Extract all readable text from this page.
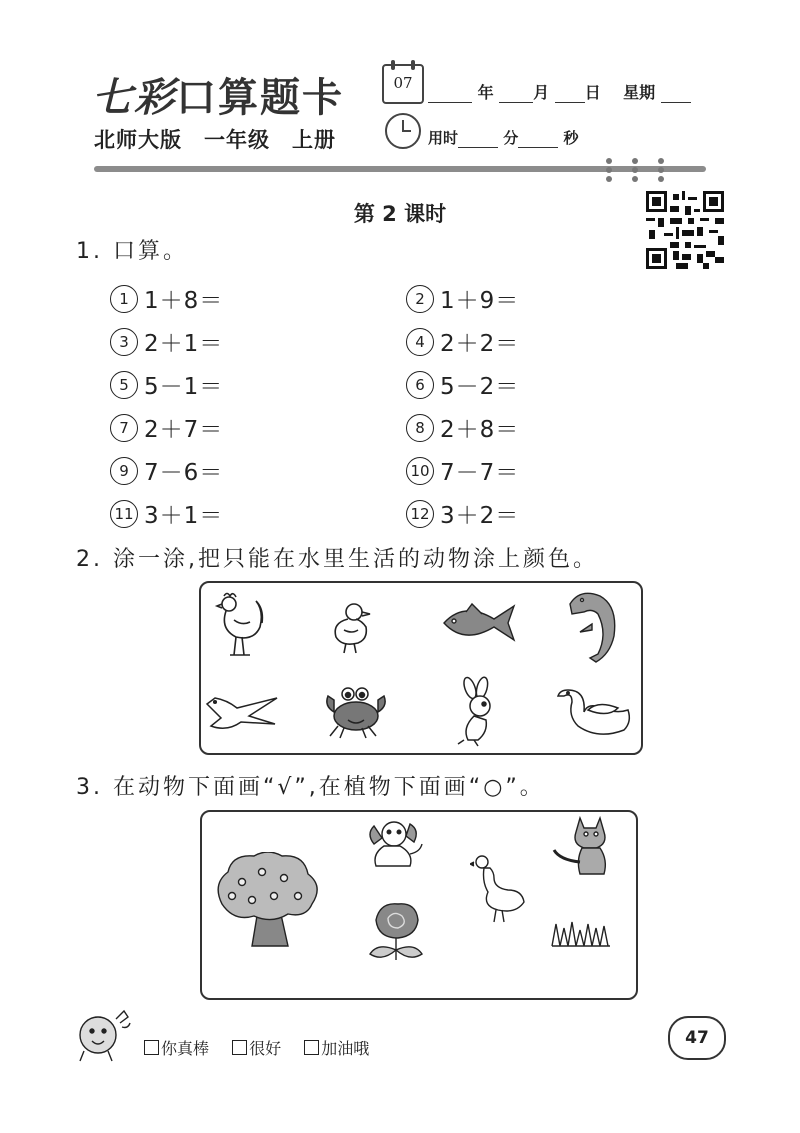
七彩口算题卡	07	年 月 日 星期
北师大版 一年级 上册	用时	分	秒
第 2 课时
1. 口算。
1 1＋8＝	2 1＋9＝
3 2＋1＝	4 2＋2＝
5 5－1＝	6 5－2＝
7 2＋7＝	8 2＋8＝
9 7－6＝	10 7－7＝
11 3＋1＝	12 3＋2＝
2. 涂一涂,把只能在水里生活的动物涂上颜色。
3. 在动物下面画“√”,在植物下面画“○”。
你真棒	很好	加油哦
47
